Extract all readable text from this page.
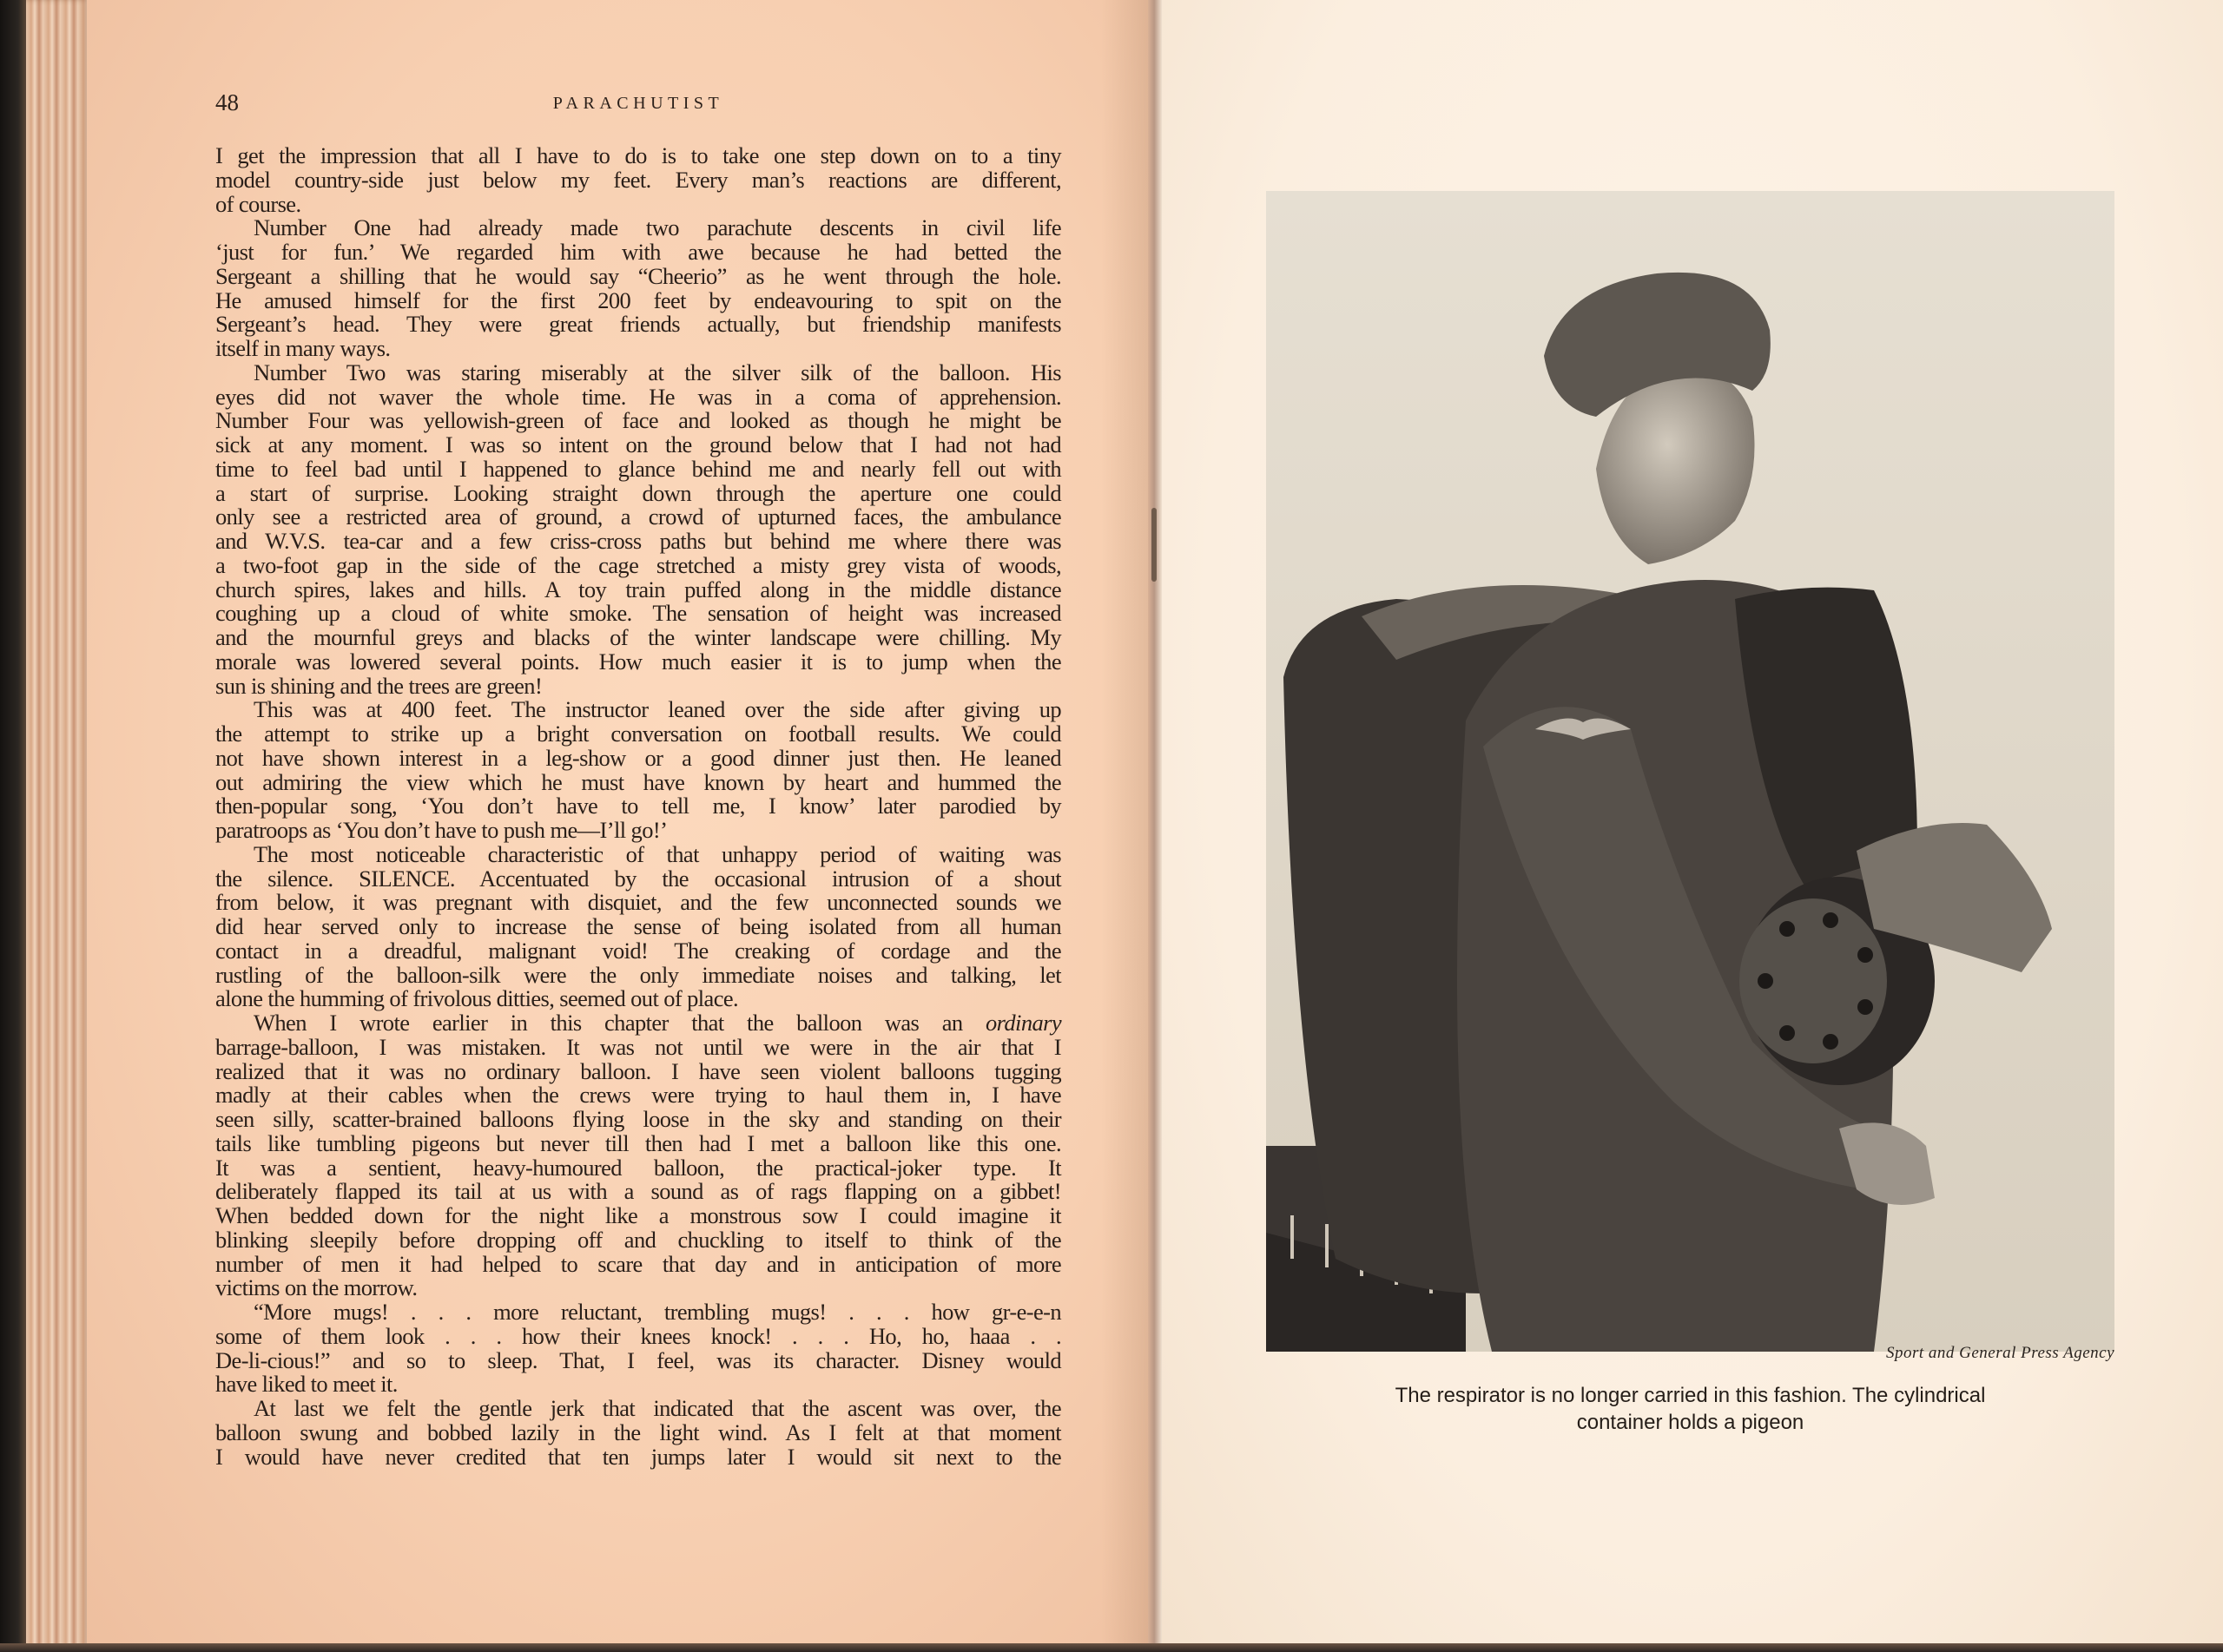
48	PARACHUTIST
I get the impression that all I have to do is to take one step down on to a tiny
model country-side just below my feet. Every man’s reactions are different,
of course.
Number One had already made two parachute descents in civil life
‘just for fun.’ We regarded him with awe because he had betted the
Sergeant a shilling that he would say “Cheerio” as he went through the hole.
He amused himself for the first 200 feet by endeavouring to spit on the
Sergeant’s head. They were great friends actually, but friendship manifests
itself in many ways.
Number Two was staring miserably at the silver silk of the balloon. His
eyes did not waver the whole time. He was in a coma of apprehension.
Number Four was yellowish-green of face and looked as though he might be
sick at any moment. I was so intent on the ground below that I had not had
time to feel bad until I happened to glance behind me and nearly fell out with
a start of surprise. Looking straight down through the aperture one could
only see a restricted area of ground, a crowd of upturned faces, the ambulance
and W.V.S. tea-car and a few criss-cross paths but behind me where there was
a two-foot gap in the side of the cage stretched a misty grey vista of woods,
church spires, lakes and hills. A toy train puffed along in the middle distance
coughing up a cloud of white smoke. The sensation of height was increased
and the mournful greys and blacks of the winter landscape were chilling. My
morale was lowered several points. How much easier it is to jump when the
sun is shining and the trees are green!
This was at 400 feet. The instructor leaned over the side after giving up
the attempt to strike up a bright conversation on football results. We could
not have shown interest in a leg-show or a good dinner just then. He leaned
out admiring the view which he must have known by heart and hummed the
then-popular song, ‘You don’t have to tell me, I know’ later parodied by
paratroops as ‘You don’t have to push me—I’ll go!’
The most noticeable characteristic of that unhappy period of waiting was
the silence. SILENCE. Accentuated by the occasional intrusion of a shout
from below, it was pregnant with disquiet, and the few unconnected sounds we
did hear served only to increase the sense of being isolated from all human
contact in a dreadful, malignant void! The creaking of cordage and the
rustling of the balloon-silk were the only immediate noises and talking, let
alone the humming of frivolous ditties, seemed out of place.
When I wrote earlier in this chapter that the balloon was an ordinary
barrage-balloon, I was mistaken. It was not until we were in the air that I
realized that it was no ordinary balloon. I have seen violent balloons tugging
madly at their cables when the crews were trying to haul them in, I have
seen silly, scatter-brained balloons flying loose in the sky and standing on their
tails like tumbling pigeons but never till then had I met a balloon like this one.
It was a sentient, heavy-humoured balloon, the practical-joker type. It
deliberately flapped its tail at us with a sound as of rags flapping on a gibbet!
When bedded down for the night like a monstrous sow I could imagine it
blinking sleepily before dropping off and chuckling to itself to think of the
number of men it had helped to scare that day and in anticipation of more
victims on the morrow.
“More mugs! . . . more reluctant, trembling mugs! . . . how gr-e-e-n
some of them look . . . how their knees knock! . . . Ho, ho, haaa . .
De-li-cious!” and so to sleep. That, I feel, was its character. Disney would
have liked to meet it.
At last we felt the gentle jerk that indicated that the ascent was over, the
balloon swung and bobbed lazily in the light wind. As I felt at that moment
I would have never credited that ten jumps later I would sit next to the
Sport and General Press Agency
The respirator is no longer carried in this fashion. The cylindrical
container holds a pigeon
